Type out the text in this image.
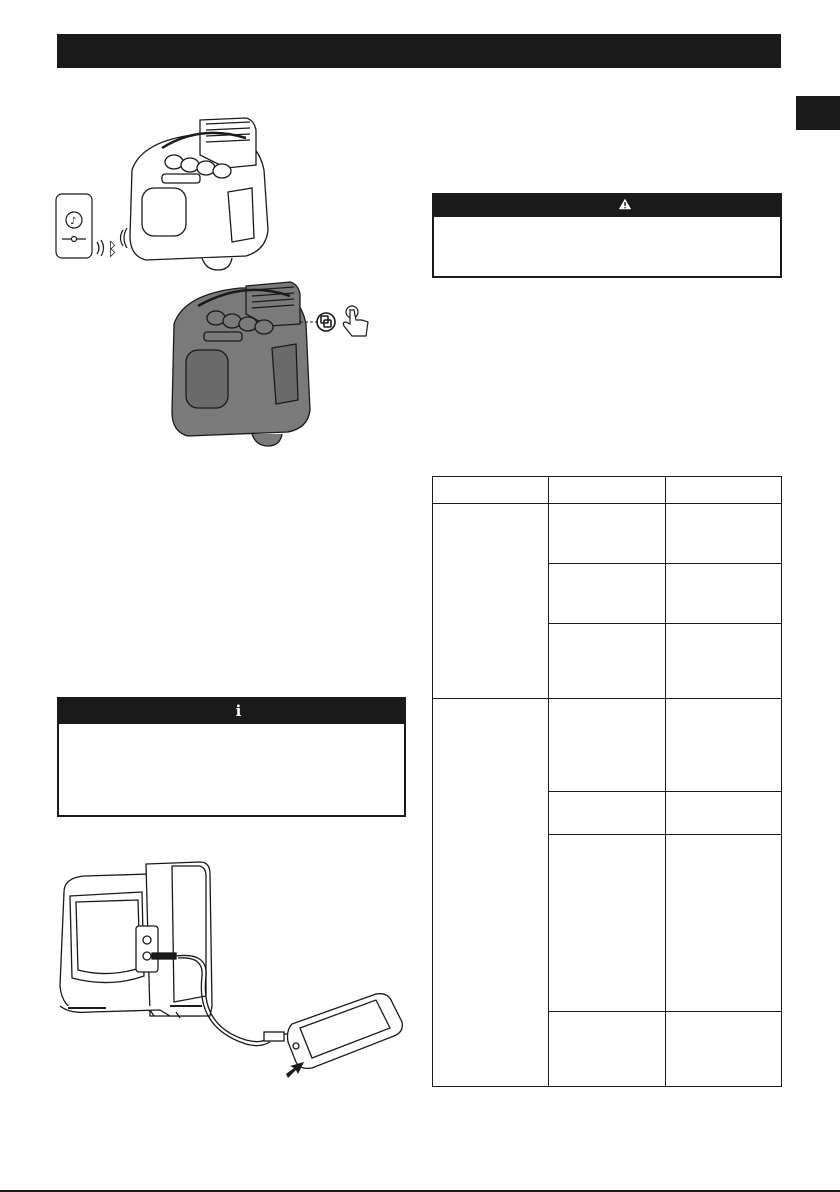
♪
ᛒ
i
